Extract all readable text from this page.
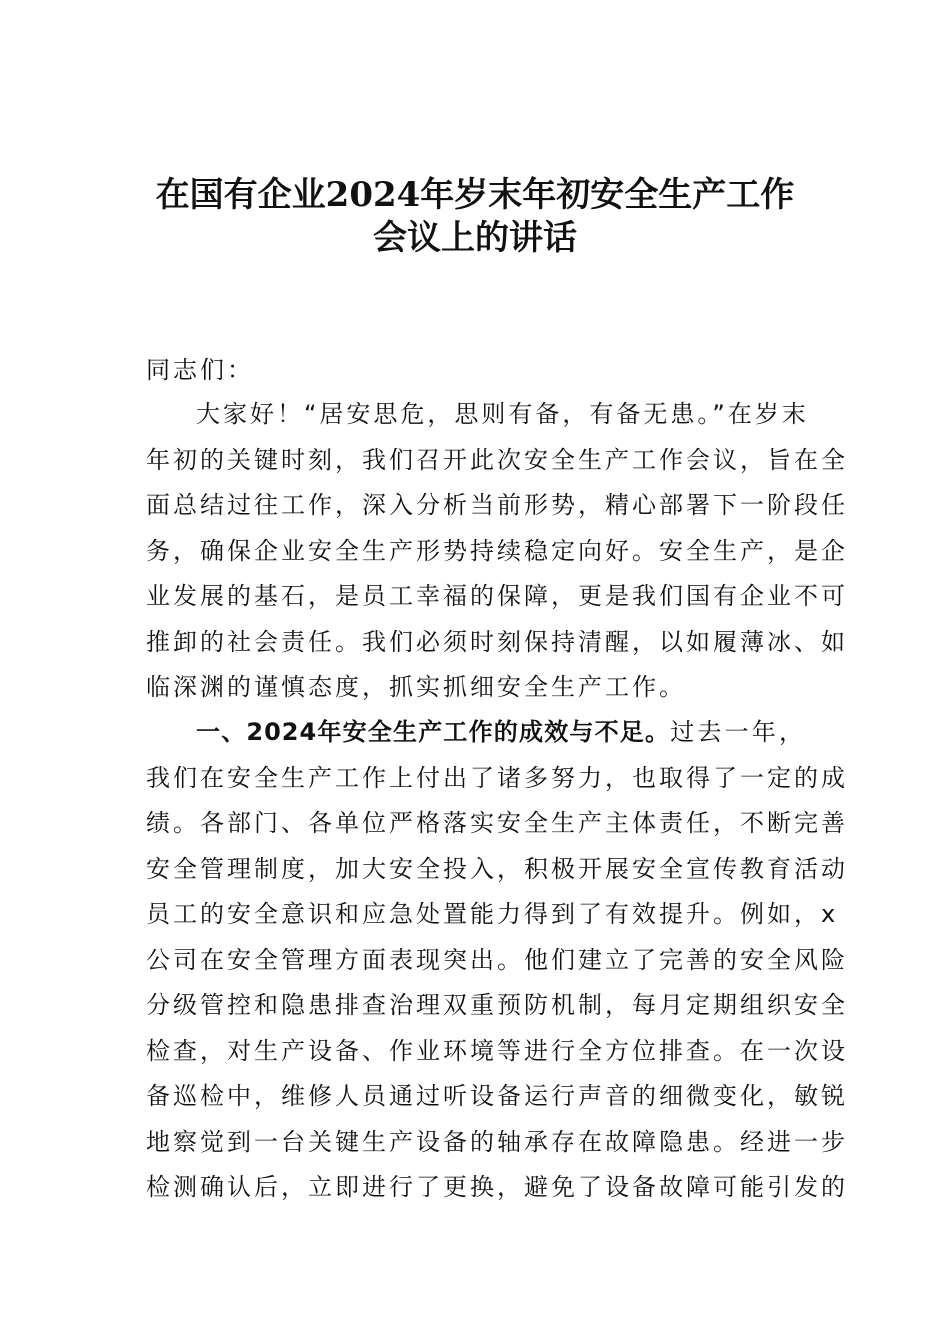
在国有企业2024年岁末年初安全生产工作
会议上的讲话
同志们：
大家好！“居安思危，思则有备，有备无患。”在岁末
年初的关键时刻，我们召开此次安全生产工作会议，旨在全
面总结过往工作，深入分析当前形势，精心部署下一阶段任
务，确保企业安全生产形势持续稳定向好。安全生产，是企
业发展的基石，是员工幸福的保障，更是我们国有企业不可
推卸的社会责任。我们必须时刻保持清醒，以如履薄冰、如
临深渊的谨慎态度，抓实抓细安全生产工作。
一、2024年安全生产工作的成效与不足。过去一年，
我们在安全生产工作上付出了诸多努力，也取得了一定的成
绩。各部门、各单位严格落实安全生产主体责任，不断完善
安全管理制度，加大安全投入，积极开展安全宣传教育活动
员工的安全意识和应急处置能力得到了有效提升。例如，x
公司在安全管理方面表现突出。他们建立了完善的安全风险
分级管控和隐患排查治理双重预防机制，每月定期组织安全
检查，对生产设备、作业环境等进行全方位排查。在一次设
备巡检中，维修人员通过听设备运行声音的细微变化，敏锐
地察觉到一台关键生产设备的轴承存在故障隐患。经进一步
检测确认后，立即进行了更换，避免了设备故障可能引发的
